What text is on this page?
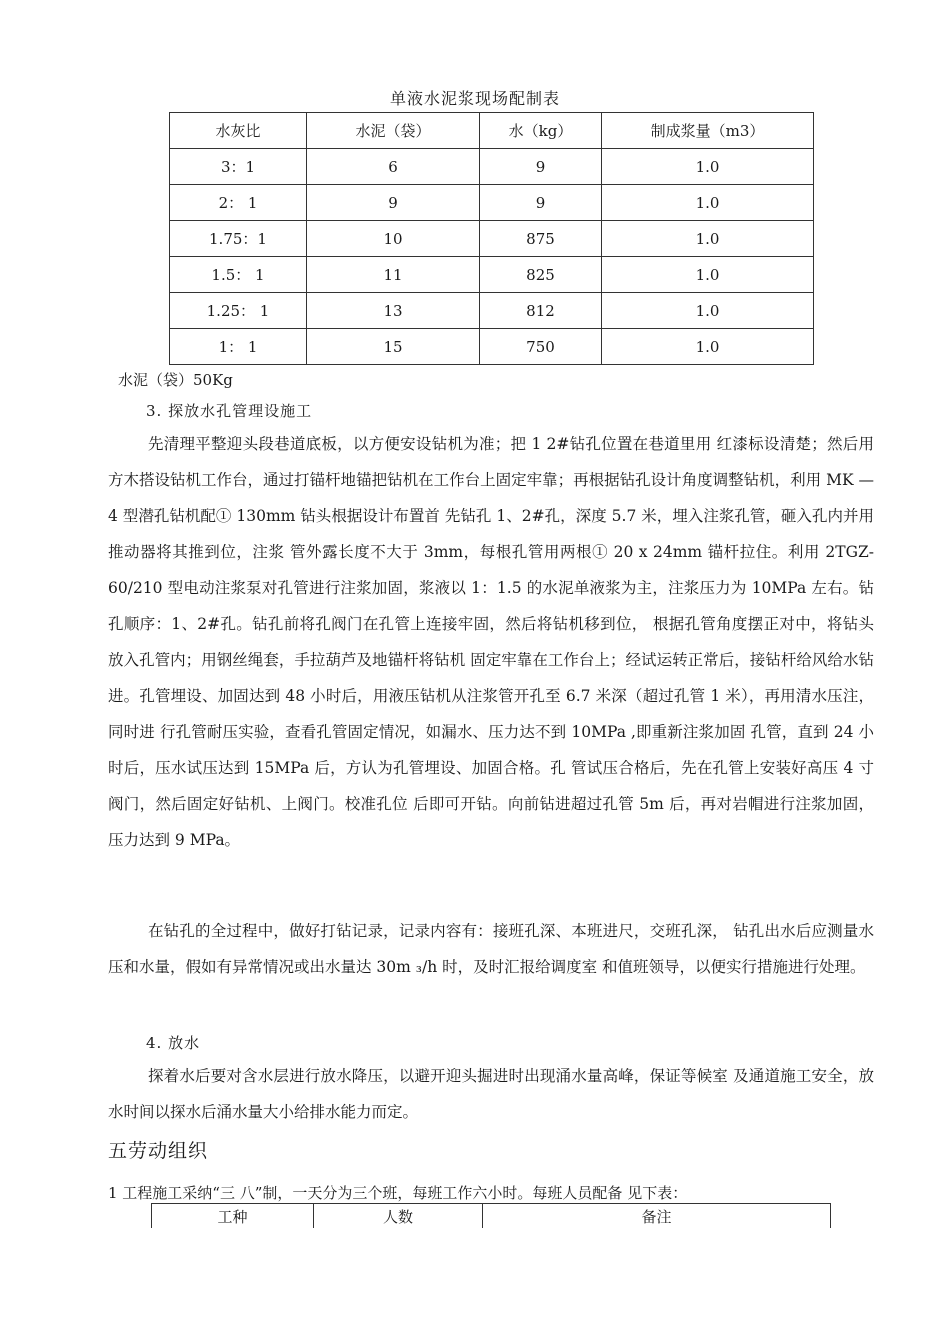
单液水泥浆现场配制表
水灰比	水泥（袋）	水（kg）	制成浆量（m3）
3：1	6	9	1.0
2： 1	9	9	1.0
1.75：1	10	875	1.0
1.5： 1	11	825	1.0
1.25： 1	13	812	1.0
1： 1	15	750	1.0
水泥（袋）50Kg
3. 探放水孔管理设施工

先清理平整迎头段巷道底板，以方便安设钻机为准；把 1 2#钻孔位置在巷道里用 红漆标设清楚；然后用方木搭设钻机工作台，通过打锚杆地锚把钻机在工作台上固定牢靠；再根据钻孔设计角度调整钻机，利用 MK —4 型潜孔钻机配① 130mm 钻头根据设计布置首 先钻孔 1、2#孔，深度 5.7 米，埋入注浆孔管，砸入孔内并用推动器将其推到位，注浆 管外露长度不大于 3mm，每根孔管用两根① 20 x 24mm 锚杆拉住。利用 2TGZ-60/210 型电动注浆泵对孔管进行注浆加固，浆液以 1：1.5 的水泥单液浆为主，注浆压力为 10MPa 左右。钻孔顺序：1、2#孔。钻孔前将孔阀门在孔管上连接牢固，然后将钻机移到位， 根据孔管角度摆正对中，将钻头放入孔管内；用钢丝绳套，手拉葫芦及地锚杆将钻机 固定牢靠在工作台上；经试运转正常后，接钻杆给风给水钻进。孔管埋设、加固达到 48 小时后，用液压钻机从注浆管开孔至 6.7 米深（超过孔管 1 米），再用清水压注，同时进 行孔管耐压实验，查看孔管固定情况，如漏水、压力达不到 10MPa ,即重新注浆加固 孔管，直到 24 小时后，压水试压达到 15MPa 后，方认为孔管埋设、加固合格。孔 管试压合格后，先在孔管上安装好高压 4 寸阀门，然后固定好钻机、上阀门。校准孔位 后即可开钻。向前钻进超过孔管 5m 后，再对岩帽进行注浆加固，压力达到 9 MPa。

在钻孔的全过程中，做好打钻记录，记录内容有：接班孔深、本班进尺，交班孔深， 钻孔出水后应测量水压和水量，假如有异常情况或出水量达 30m ₃/h 时，及时汇报给调度室 和值班领导，以便实行措施进行处理。

4. 放水

探着水后要对含水层进行放水降压，以避开迎头掘进时出现涌水量高峰，保证等候室 及通道施工安全，放水时间以探水后涌水量大小给排水能力而定。

五劳动组织
1 工程施工采纳“三 八”制，一天分为三个班，每班工作六小时。每班人员配备 见下表：
工种	人数	备注
